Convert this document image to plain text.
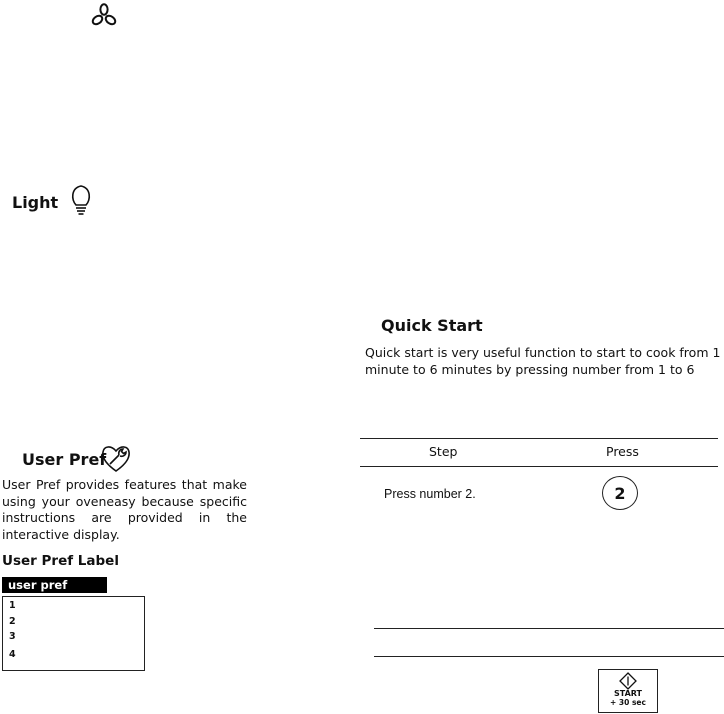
Light
Quick Start
Quick start is very useful function to start to cook from 1 minute to 6 minutes by pressing number from 1 to 6
Step	Press
Press number 2.	2
START
+ 30 sec
User Pref
User Pref provides features that make using your oveneasy because specific instructions are provided in the interactive display.
User Pref Label
user pref
1
2
3
4
